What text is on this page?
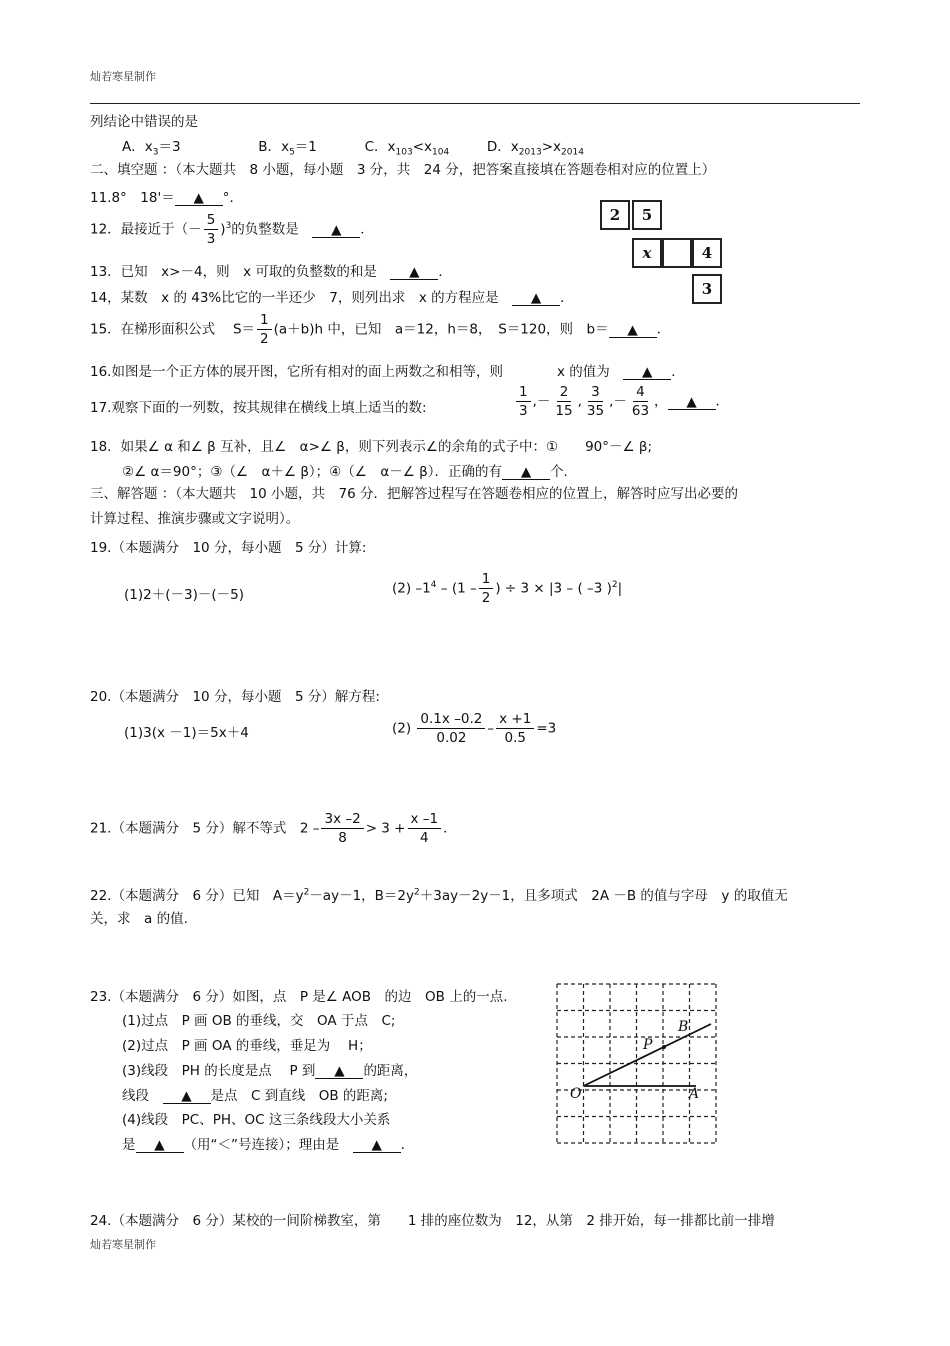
灿若寒星制作
列结论中错误的是
A．$x_3=3$	B．$x_5=1$	C．$x_{103}<x_{104}$	D．$x_{2013}>x_{2014}$
二、填空题 ：（本大题共　8 小题，每小题　3 分，共　24 分，把答案直接填在答题卷相对应的位置上）
11.8°　18'＝ ▲ °．
12．最接近于（－ $\frac{5}{3} )^3$的负整数是　 ▲ ．
13．已知　x>－4，则　x 可取的负整数的和是　 ▲ ．
14，某数　x 的 43%比它的一半还少　7，则列出求　x 的方程应是　 ▲ ．
15．在梯形面积公式　 $S= \frac{1}{2} (a+b)h$ 中，已知　a＝12，h＝8，　S＝120，则　b＝ ▲ ．
16.如图是一个正方体的展开图，它所有相对的面上两数之和相等，则　　　　x 的值为　 ▲ ．
2	5
x	4
3
17.观察下面的一列数，按其规律在横线上填上适当的数:	$\frac{1}{3}$ ,－ $\frac{2}{15}$ , $\frac{3}{35}$ ,－ $\frac{4}{63}$ ， ▲ ．
18．如果∠ α 和∠ β 互补，且∠　α>∠ β，则下列表示∠的余角的式子中：①　　90°－∠ β;
②∠ α＝90°；③（∠　α＋∠ β）；④（∠　α－∠ β）．正确的有 ▲ 个．
三、解答题 ：（本大题共　10 小题，共　76 分．把解答过程写在答题卷相应的位置上，解答时应写出必要的
计算过程、推演步骤或文字说明）。
19.（本题满分　10 分，每小题　5 分）计算:
(1)2＋(－3)－(－5)	(2) $-1^4 - (1 - \frac{1}{2}$ ) ÷ 3 × |3 – ( –3 )$^2$|
20.（本题满分　10 分，每小题　5 分）解方程:
(1)3(x －1)＝5x＋4	$(2) \frac{0.1x -0.2}{0.02} - \frac{x +1}{0.5} =3$
21.（本题满分　5 分）解不等式　$2 - \frac{3x -2}{8} > 3 + \frac{x -1}{4}$ ．
22.（本题满分　6 分）已知　$A=y^2-ay-1$，$B=2y^2+3ay-2y-1$，且多项式　2A －B 的值与字母　y 的取值无
关，求　a 的值.
23.（本题满分　6 分）如图，点　P 是∠ AOB　的边　OB 上的一点.
(1)过点　P 画 OB 的垂线，交　OA 于点　C;
(2)过点　P 画 OA 的垂线，垂足为　 H；
(3)线段　PH 的长度是点　 P 到 ▲ 的距离，
线段　 ▲ 是点　C 到直线　OB 的距离;
(4)线段　PC、PH、OC 这三条线段大小关系
是 ▲ （用“＜”号连接）；理由是　 ▲ ．
O	A
P
B
24.（本题满分　6 分）某校的一间阶梯教室，第　　1 排的座位数为　12，从第　2 排开始，每一排都比前一排增
灿若寒星制作
